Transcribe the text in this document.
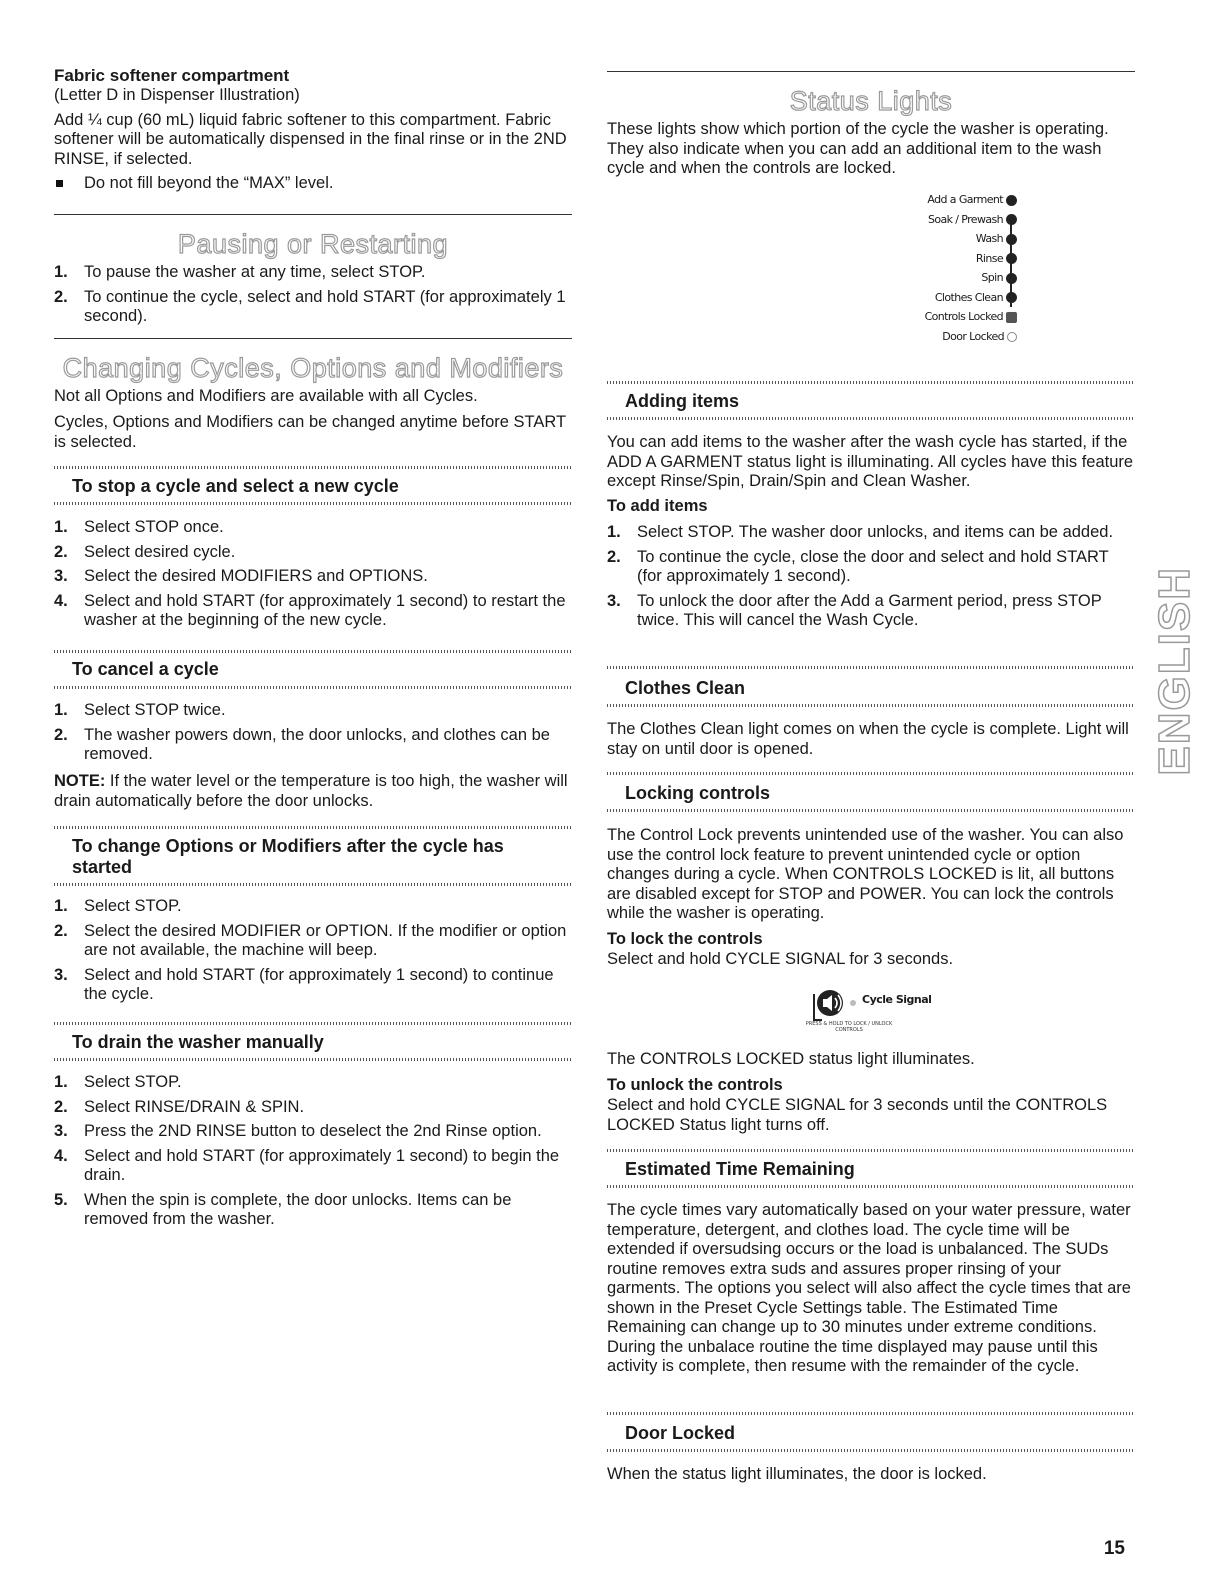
Fabric softener compartment

(Letter D in Dispenser Illustration)

Add ¼ cup (60 mL) liquid fabric softener to this compartment. Fabric softener will be automatically dispensed in the final rinse or in the 2ND RINSE, if selected.

Do not fill beyond the “MAX” level.

Pausing or Restarting

1. To pause the washer at any time, select STOP.
2. To continue the cycle, select and hold START (for approximately 1 second).

Changing Cycles, Options and Modifiers

Not all Options and Modifiers are available with all Cycles.

Cycles, Options and Modifiers can be changed anytime before START is selected.

To stop a cycle and select a new cycle

1. Select STOP once.
2. Select desired cycle.
3. Select the desired MODIFIERS and OPTIONS.
4. Select and hold START (for approximately 1 second) to restart the washer at the beginning of the new cycle.

To cancel a cycle

1. Select STOP twice.
2. The washer powers down, the door unlocks, and clothes can be removed.

NOTE: If the water level or the temperature is too high, the washer will drain automatically before the door unlocks.

To change Options or Modifiers after the cycle has started

1. Select STOP.
2. Select the desired MODIFIER or OPTION. If the modifier or option are not available, the machine will beep.
3. Select and hold START (for approximately 1 second) to continue the cycle.

To drain the washer manually

1. Select STOP.
2. Select RINSE/DRAIN & SPIN.
3. Press the 2ND RINSE button to deselect the 2nd Rinse option.
4. Select and hold START (for approximately 1 second) to begin the drain.
5. When the spin is complete, the door unlocks. Items can be removed from the washer.

Status Lights

These lights show which portion of the cycle the washer is operating. They also indicate when you can add an additional item to the wash cycle and when the controls are locked.

Add a Garment
Soak / Prewash
Wash
Rinse
Spin
Clothes Clean
Controls Locked
Door Locked

Adding items

You can add items to the washer after the wash cycle has started, if the ADD A GARMENT status light is illuminating. All cycles have this feature except Rinse/Spin, Drain/Spin and Clean Washer.

To add items

1. Select STOP. The washer door unlocks, and items can be added.
2. To continue the cycle, close the door and select and hold START (for approximately 1 second).
3. To unlock the door after the Add a Garment period, press STOP twice. This will cancel the Wash Cycle.

Clothes Clean

The Clothes Clean light comes on when the cycle is complete. Light will stay on until door is opened.

Locking controls

The Control Lock prevents unintended use of the washer. You can also use the control lock feature to prevent unintended cycle or option changes during a cycle. When CONTROLS LOCKED is lit, all buttons are disabled except for STOP and POWER. You can lock the controls while the washer is operating.

To lock the controls

Select and hold CYCLE SIGNAL for 3 seconds.

Cycle Signal
PRESS & HOLD TO LOCK / UNLOCK CONTROLS

The CONTROLS LOCKED status light illuminates.

To unlock the controls

Select and hold CYCLE SIGNAL for 3 seconds until the CONTROLS LOCKED Status light turns off.

Estimated Time Remaining

The cycle times vary automatically based on your water pressure, water temperature, detergent, and clothes load. The cycle time will be extended if oversudsing occurs or the load is unbalanced. The SUDs routine removes extra suds and assures proper rinsing of your garments. The options you select will also affect the cycle times that are shown in the Preset Cycle Settings table. The Estimated Time Remaining can change up to 30 minutes under extreme conditions. During the unbalace routine the time displayed may pause until this activity is complete, then resume with the remainder of the cycle.

Door Locked

When the status light illuminates, the door is locked.

ENGLISH
15
